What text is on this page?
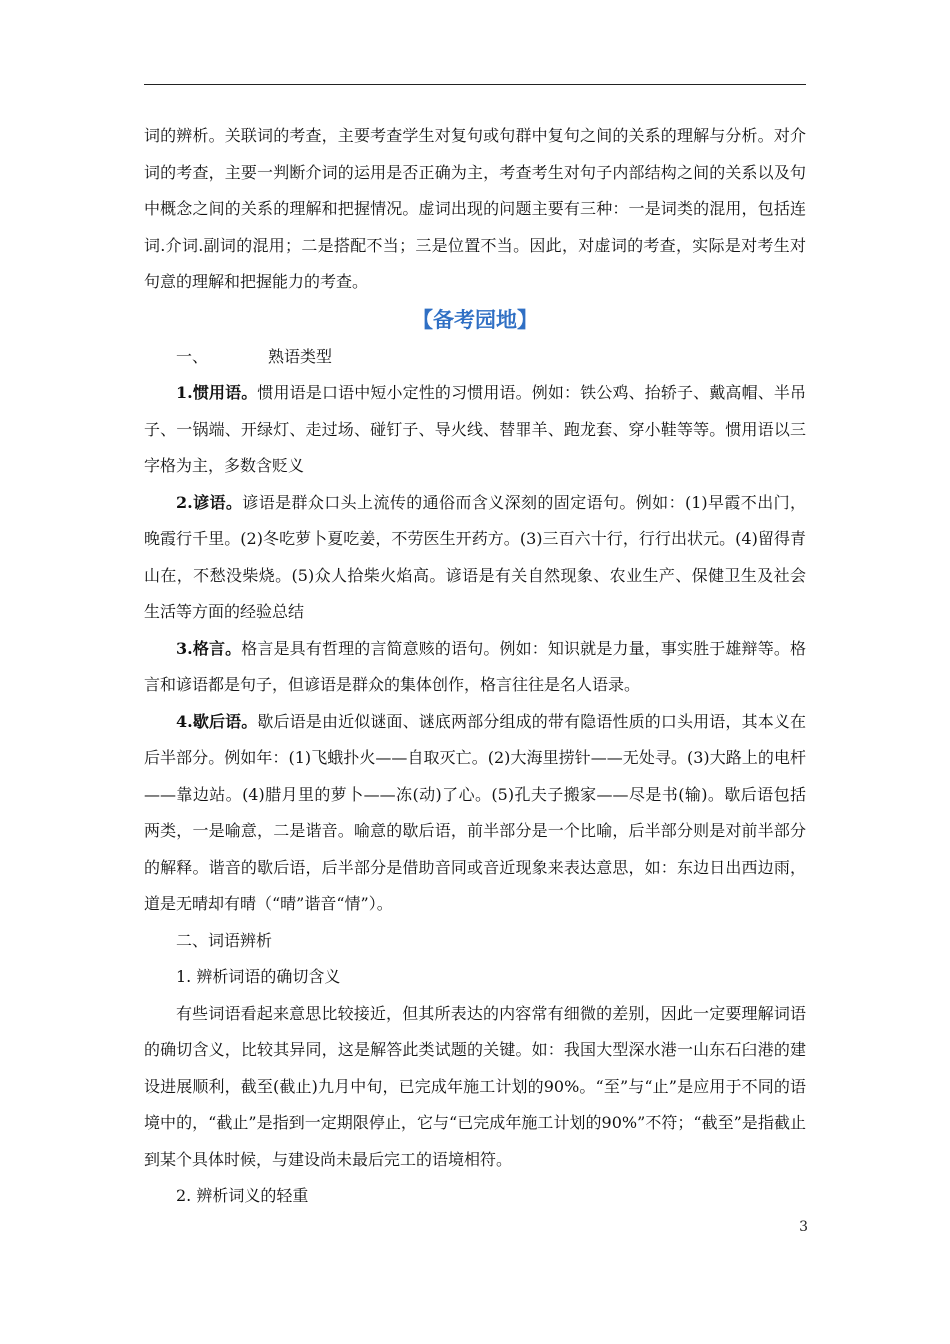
词的辨析。关联词的考查，主要考查学生对复句或句群中复句之间的关系的理解与分析。对介词的考查，主要一判断介词的运用是否正确为主，考查考生对句子内部结构之间的关系以及句中概念之间的关系的理解和把握情况。虚词出现的问题主要有三种：一是词类的混用，包括连词.介词.副词的混用；二是搭配不当；三是位置不当。因此，对虚词的考查，实际是对考生对句意的理解和把握能力的考查。

【备考园地】

一、	熟语类型

1.惯用语。惯用语是口语中短小定性的习惯用语。例如：铁公鸡、抬轿子、戴高帽、半吊子、一锅端、开绿灯、走过场、碰钉子、导火线、替罪羊、跑龙套、穿小鞋等等。惯用语以三字格为主，多数含贬义

2.谚语。谚语是群众口头上流传的通俗而含义深刻的固定语句。例如：(1)早霞不出门，晚霞行千里。(2)冬吃萝卜夏吃姜，不劳医生开药方。(3)三百六十行，行行出状元。(4)留得青山在，不愁没柴烧。(5)众人拾柴火焰高。谚语是有关自然现象、农业生产、保健卫生及社会生活等方面的经验总结

3.格言。格言是具有哲理的言简意赅的语句。例如：知识就是力量，事实胜于雄辩等。格言和谚语都是句子，但谚语是群众的集体创作，格言往往是名人语录。

4.歇后语。歇后语是由近似谜面、谜底两部分组成的带有隐语性质的口头用语，其本义在后半部分。例如年：(1)飞蛾扑火——自取灭亡。(2)大海里捞针——无处寻。(3)大路上的电杆——靠边站。(4)腊月里的萝卜——冻(动)了心。(5)孔夫子搬家——尽是书(输)。歇后语包括两类，一是喻意，二是谐音。喻意的歇后语，前半部分是一个比喻，后半部分则是对前半部分的解释。谐音的歇后语，后半部分是借助音同或音近现象来表达意思，如：东边日出西边雨，道是无晴却有晴（“晴”谐音“情”）。

二、词语辨析

1. 辨析词语的确切含义

有些词语看起来意思比较接近，但其所表达的内容常有细微的差别，因此一定要理解词语的确切含义，比较其异同，这是解答此类试题的关键。如：我国大型深水港一山东石臼港的建设进展顺利，截至(截止)九月中旬，已完成年施工计划的90%。“至”与“止”是应用于不同的语境中的，“截止”是指到一定期限停止，它与“已完成年施工计划的90%”不符；“截至”是指截止到某个具体时候，与建设尚未最后完工的语境相符。

2. 辨析词义的轻重

3
